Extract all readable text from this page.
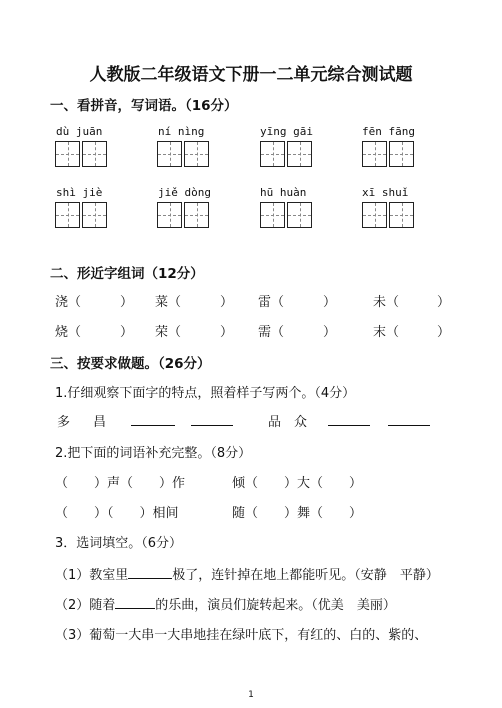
人教版二年级语文下册一二单元综合测试题
一、看拼音，写词语。（16分）
dù juān	ní nìng	yīng gāi	fēn fāng
shì jiè	jiě dòng	hū huàn	xī shuǐ
二、形近字组词（12分）
浇（	） 菜（	） 雷（	）	未（	）
烧（	） 荣（	） 需（	）	末（	）
三、按要求做题。（26分）
1.仔细观察下面字的特点，照着样子写两个。（4分）
多 昌	品 众
2.把下面的词语补充完整。（8分）
（　　）声（　　）作	倾（　　）大（　　）
（　　）（　　）相间	随（　　）舞（　　）
3．选词填空。（6分）
（1）教室里	极了，连针掉在地上都能听见。（安静　 平静）
（2）随着	的乐曲，演员们旋转起来。（优美　 美丽）
（3）葡萄一大串一大串地挂在绿叶底下，有红的、白的、紫的、
1
